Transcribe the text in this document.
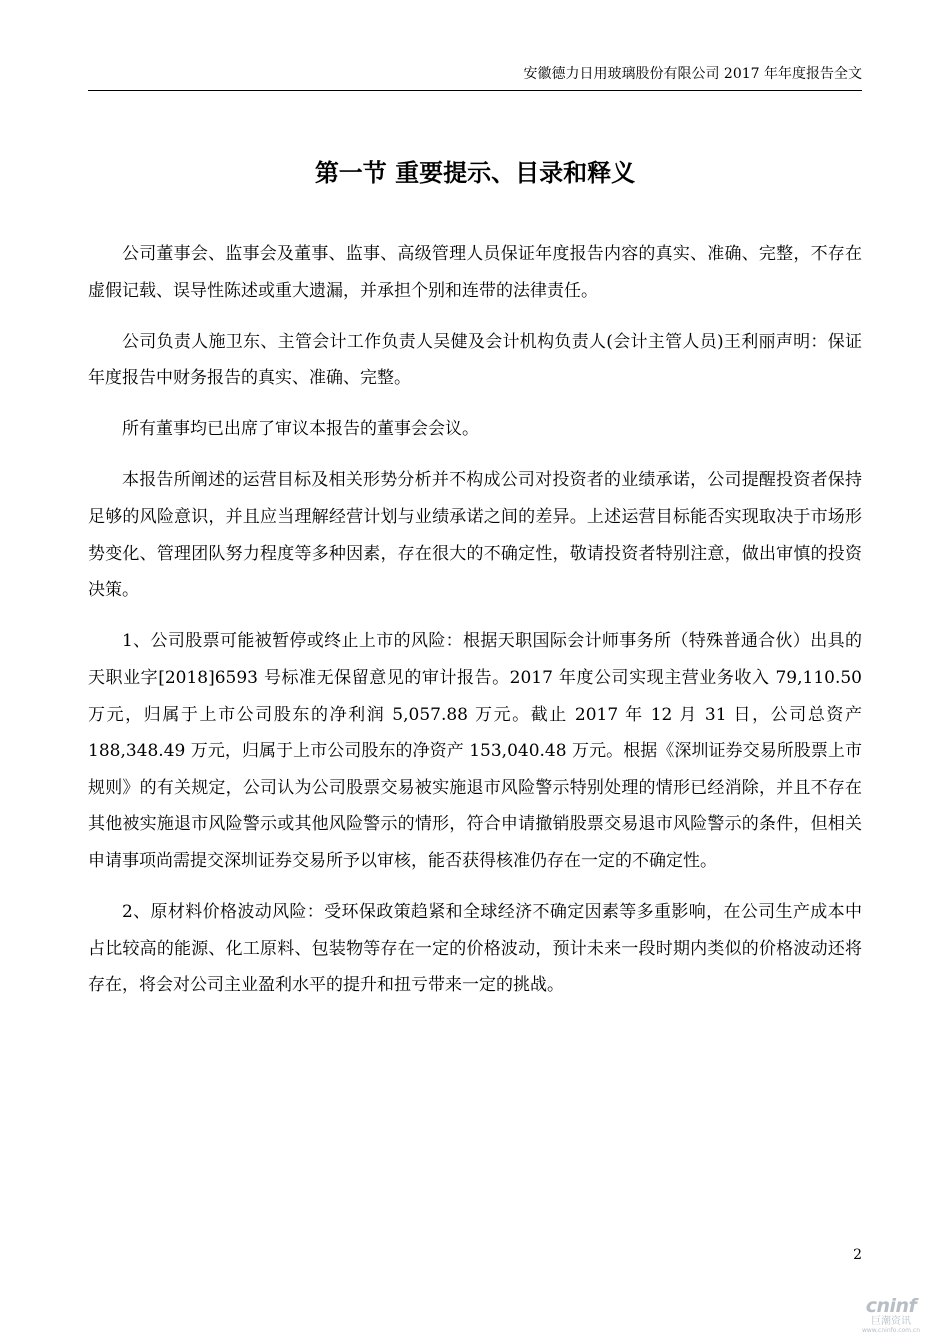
安徽德力日用玻璃股份有限公司 2017 年年度报告全文
第一节 重要提示、目录和释义

公司董事会、监事会及董事、监事、高级管理人员保证年度报告内容的真实、准确、完整，不存在虚假记载、误导性陈述或重大遗漏，并承担个别和连带的法律责任。

公司负责人施卫东、主管会计工作负责人吴健及会计机构负责人(会计主管人员)王利丽声明：保证年度报告中财务报告的真实、准确、完整。

所有董事均已出席了审议本报告的董事会会议。

本报告所阐述的运营目标及相关形势分析并不构成公司对投资者的业绩承诺，公司提醒投资者保持足够的风险意识，并且应当理解经营计划与业绩承诺之间的差异。上述运营目标能否实现取决于市场形势变化、管理团队努力程度等多种因素，存在很大的不确定性，敬请投资者特别注意，做出审慎的投资决策。

1、公司股票可能被暂停或终止上市的风险：根据天职国际会计师事务所（特殊普通合伙）出具的天职业字[2018]6593 号标准无保留意见的审计报告。2017 年度公司实现主营业务收入 79,110.50 万元，归属于上市公司股东的净利润 5,057.88 万元。截止 2017 年 12 月 31 日，公司总资产 188,348.49 万元，归属于上市公司股东的净资产 153,040.48 万元。根据《深圳证券交易所股票上市规则》的有关规定，公司认为公司股票交易被实施退市风险警示特别处理的情形已经消除，并且不存在其他被实施退市风险警示或其他风险警示的情形，符合申请撤销股票交易退市风险警示的条件，但相关申请事项尚需提交深圳证券交易所予以审核，能否获得核准仍存在一定的不确定性。

2、原材料价格波动风险：受环保政策趋紧和全球经济不确定因素等多重影响，在公司生产成本中占比较高的能源、化工原料、包装物等存在一定的价格波动，预计未来一段时期内类似的价格波动还将存在，将会对公司主业盈利水平的提升和扭亏带来一定的挑战。

2
cninf
巨潮资讯
www.cninfo.com.cn
